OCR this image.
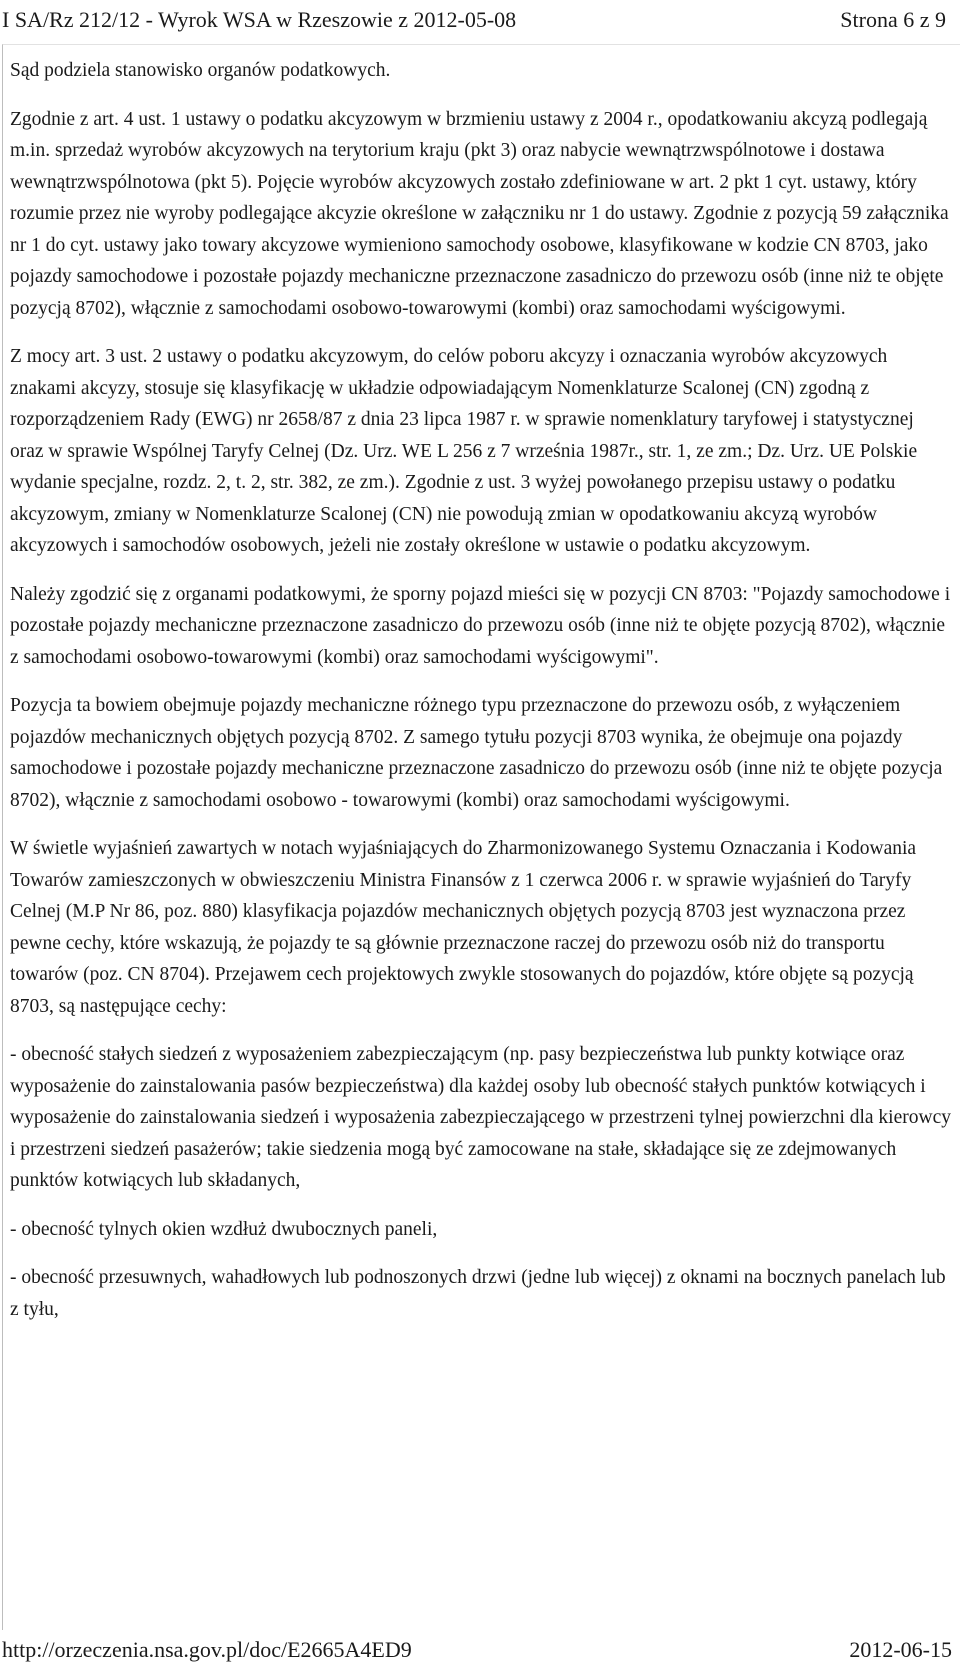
I SA/Rz 212/12 - Wyrok WSA w Rzeszowie z 2012-05-08	Strona 6 z 9

Sąd podziela stanowisko organów podatkowych.

Zgodnie z art. 4 ust. 1 ustawy o podatku akcyzowym w brzmieniu ustawy z 2004 r., opodatkowaniu akcyzą podlegają m.in. sprzedaż wyrobów akcyzowych na terytorium kraju (pkt 3) oraz nabycie wewnątrzwspólnotowe i dostawa wewnątrzwspólnotowa (pkt 5). Pojęcie wyrobów akcyzowych zostało zdefiniowane w art. 2 pkt 1 cyt. ustawy, który rozumie przez nie wyroby podlegające akcyzie określone w załączniku nr 1 do ustawy. Zgodnie z pozycją 59 załącznika nr 1 do cyt. ustawy jako towary akcyzowe wymieniono samochody osobowe, klasyfikowane w kodzie CN 8703, jako pojazdy samochodowe i pozostałe pojazdy mechaniczne przeznaczone zasadniczo do przewozu osób (inne niż te objęte pozycją 8702), włącznie z samochodami osobowo-towarowymi (kombi) oraz samochodami wyścigowymi.

Z mocy art. 3 ust. 2 ustawy o podatku akcyzowym, do celów poboru akcyzy i oznaczania wyrobów akcyzowych znakami akcyzy, stosuje się klasyfikację w układzie odpowiadającym Nomenklaturze Scalonej (CN) zgodną z rozporządzeniem Rady (EWG) nr 2658/87 z dnia 23 lipca 1987 r. w sprawie nomenklatury taryfowej i statystycznej oraz w sprawie Wspólnej Taryfy Celnej (Dz. Urz. WE L 256 z 7 września 1987r., str. 1, ze zm.; Dz. Urz. UE Polskie wydanie specjalne, rozdz. 2, t. 2, str. 382, ze zm.). Zgodnie z ust. 3 wyżej powołanego przepisu ustawy o podatku akcyzowym, zmiany w Nomenklaturze Scalonej (CN) nie powodują zmian w opodatkowaniu akcyzą wyrobów akcyzowych i samochodów osobowych, jeżeli nie zostały określone w ustawie o podatku akcyzowym.

Należy zgodzić się z organami podatkowymi, że sporny pojazd mieści się w pozycji CN 8703: "Pojazdy samochodowe i pozostałe pojazdy mechaniczne przeznaczone zasadniczo do przewozu osób (inne niż te objęte pozycją 8702), włącznie z samochodami osobowo-towarowymi (kombi) oraz samochodami wyścigowymi".

Pozycja ta bowiem obejmuje pojazdy mechaniczne różnego typu przeznaczone do przewozu osób, z wyłączeniem pojazdów mechanicznych objętych pozycją 8702. Z samego tytułu pozycji 8703 wynika, że obejmuje ona pojazdy samochodowe i pozostałe pojazdy mechaniczne przeznaczone zasadniczo do przewozu osób (inne niż te objęte pozycja 8702), włącznie z samochodami osobowo - towarowymi (kombi) oraz samochodami wyścigowymi.

W świetle wyjaśnień zawartych w notach wyjaśniających do Zharmonizowanego Systemu Oznaczania i Kodowania Towarów zamieszczonych w obwieszczeniu Ministra Finansów z 1 czerwca 2006 r. w sprawie wyjaśnień do Taryfy Celnej (M.P Nr 86, poz. 880) klasyfikacja pojazdów mechanicznych objętych pozycją 8703 jest wyznaczona przez pewne cechy, które wskazują, że pojazdy te są głównie przeznaczone raczej do przewozu osób niż do transportu towarów (poz. CN 8704). Przejawem cech projektowych zwykle stosowanych do pojazdów, które objęte są pozycją 8703, są następujące cechy:

- obecność stałych siedzeń z wyposażeniem zabezpieczającym (np. pasy bezpieczeństwa lub punkty kotwiące oraz wyposażenie do zainstalowania pasów bezpieczeństwa) dla każdej osoby lub obecność stałych punktów kotwiących i wyposażenie do zainstalowania siedzeń i wyposażenia zabezpieczającego w przestrzeni tylnej powierzchni dla kierowcy i przestrzeni siedzeń pasażerów; takie siedzenia mogą być zamocowane na stałe, składające się ze zdejmowanych punktów kotwiących lub składanych,

- obecność tylnych okien wzdłuż dwubocznych paneli,

- obecność przesuwnych, wahadłowych lub podnoszonych drzwi (jedne lub więcej) z oknami na bocznych panelach lub z tyłu,

http://orzeczenia.nsa.gov.pl/doc/E2665A4ED9	2012-06-15
